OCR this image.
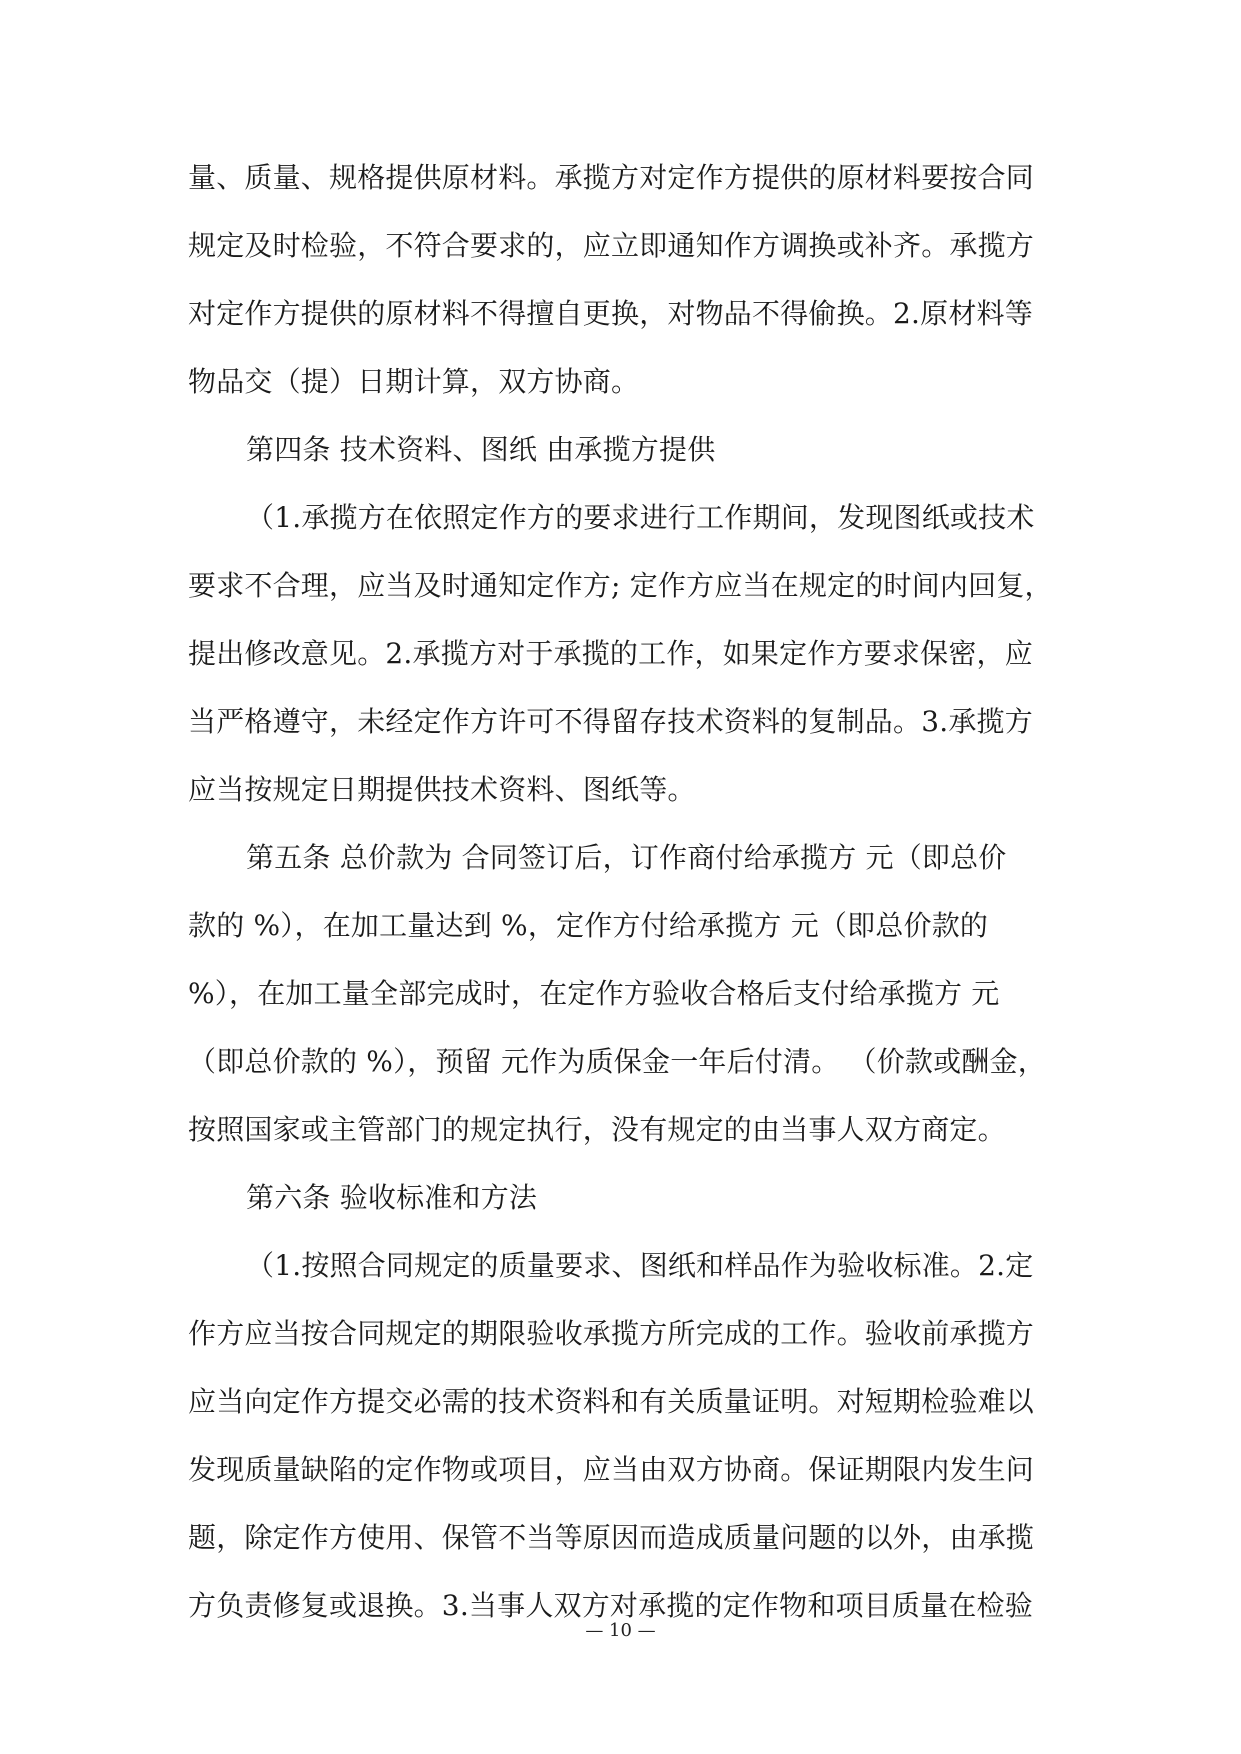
量、质量、规格提供原材料。承揽方对定作方提供的原材料要按合同
规定及时检验，不符合要求的，应立即通知作方调换或补齐。承揽方
对定作方提供的原材料不得擅自更换，对物品不得偷换。2.原材料等
物品交（提）日期计算，双方协商。
第四条 技术资料、图纸 由承揽方提供
（1.承揽方在依照定作方的要求进行工作期间，发现图纸或技术
要求不合理，应当及时通知定作方; 定作方应当在规定的时间内回复，
提出修改意见。2.承揽方对于承揽的工作，如果定作方要求保密，应
当严格遵守，未经定作方许可不得留存技术资料的复制品。3.承揽方
应当按规定日期提供技术资料、图纸等。
第五条 总价款为 合同签订后，订作商付给承揽方 元（即总价
款的 %），在加工量达到 %，定作方付给承揽方 元（即总价款的
%），在加工量全部完成时，在定作方验收合格后支付给承揽方 元
（即总价款的 %），预留 元作为质保金一年后付清。 （价款或酬金，
按照国家或主管部门的规定执行，没有规定的由当事人双方商定。
第六条 验收标准和方法
（1.按照合同规定的质量要求、图纸和样品作为验收标准。2.定
作方应当按合同规定的期限验收承揽方所完成的工作。验收前承揽方
应当向定作方提交必需的技术资料和有关质量证明。对短期检验难以
发现质量缺陷的定作物或项目，应当由双方协商。保证期限内发生问
题，除定作方使用、保管不当等原因而造成质量问题的以外，由承揽
方负责修复或退换。3.当事人双方对承揽的定作物和项目质量在检验
— 10 —
